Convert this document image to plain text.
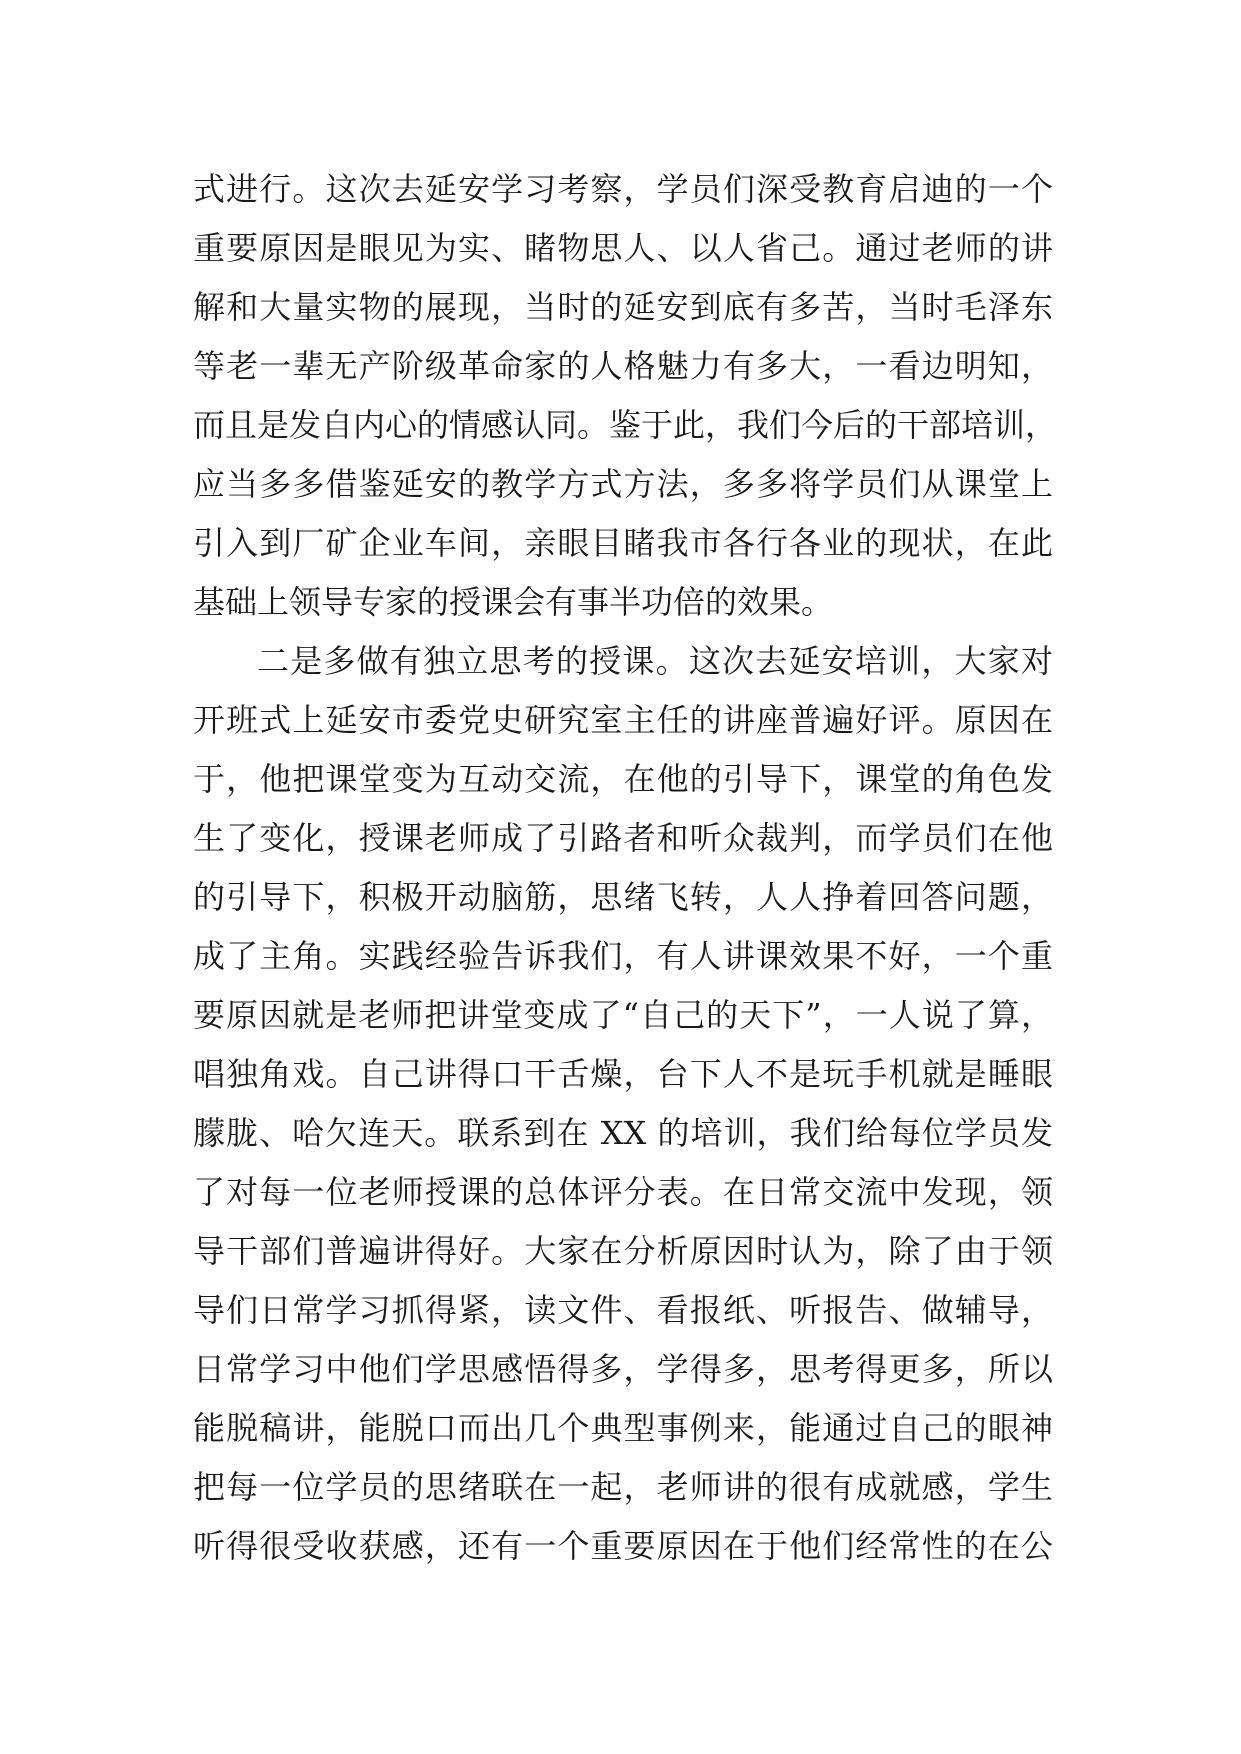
式进行。这次去延安学习考察，学员们深受教育启迪的一个
重要原因是眼见为实、睹物思人、以人省己。通过老师的讲
解和大量实物的展现，当时的延安到底有多苦，当时毛泽东
等老一辈无产阶级革命家的人格魅力有多大，一看边明知，
而且是发自内心的情感认同。鉴于此，我们今后的干部培训，
应当多多借鉴延安的教学方式方法，多多将学员们从课堂上
引入到厂矿企业车间，亲眼目睹我市各行各业的现状，在此
基础上领导专家的授课会有事半功倍的效果。
二是多做有独立思考的授课。这次去延安培训，大家对
开班式上延安市委党史研究室主任的讲座普遍好评。原因在
于，他把课堂变为互动交流，在他的引导下，课堂的角色发
生了变化，授课老师成了引路者和听众裁判，而学员们在他
的引导下，积极开动脑筋，思绪飞转，人人挣着回答问题，
成了主角。实践经验告诉我们，有人讲课效果不好，一个重
要原因就是老师把讲堂变成了“自己的天下”，一人说了算，
唱独角戏。自己讲得口干舌燥，台下人不是玩手机就是睡眼
朦胧、哈欠连天。联系到在 XX 的培训，我们给每位学员发
了对每一位老师授课的总体评分表。在日常交流中发现，领
导干部们普遍讲得好。大家在分析原因时认为，除了由于领
导们日常学习抓得紧，读文件、看报纸、听报告、做辅导，
日常学习中他们学思感悟得多，学得多，思考得更多，所以
能脱稿讲，能脱口而出几个典型事例来，能通过自己的眼神
把每一位学员的思绪联在一起，老师讲的很有成就感，学生
听得很受收获感，还有一个重要原因在于他们经常性的在公
